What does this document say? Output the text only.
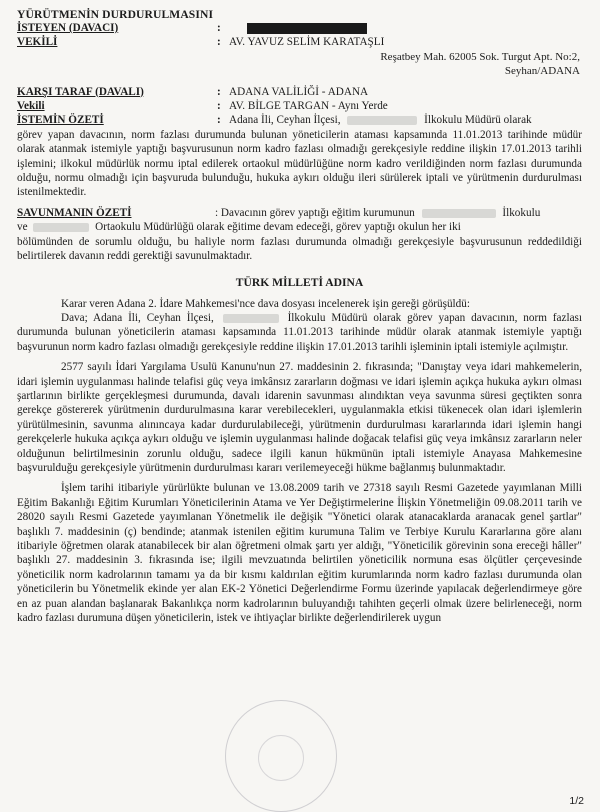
YÜRÜTMENİN DURDURULMASINI
İSTEYEN (DAVACI)	:
VEKİLİ	: AV. YAVUZ SELİM KARATAŞLI
Reşatbey Mah. 62005 Sok. Turgut Apt. No:2,
Seyhan/ADANA
KARŞI TARAF (DAVALI)	: ADANA VALİLİĞİ - ADANA
Vekili	: AV. BİLGE TARGAN - Aynı Yerde
İSTEMİN ÖZETİ	: Adana İli, Ceyhan İlçesi,	İlkokulu Müdürü olarak

görev yapan davacının, norm fazlası durumunda bulunan yöneticilerin ataması kapsamında 11.01.2013 tarihinde müdür olarak atanmak istemiyle yaptığı başvurusunun norm kadro fazlası olmadığı gerekçesiyle reddine ilişkin 17.01.2013 tarihli işlemini; ilkokul müdürlük normu iptal edilerek ortaokul müdürlüğüne norm kadro verildiğinden norm fazlası durumunda olduğu, normu olmadığı için başvuruda bulunduğu, hukuka aykırı olduğu ileri sürülerek iptali ve yürütmenin durdurulması istenilmektedir.

SAVUNMANIN ÖZETİ	: Davacının görev yaptığı eğitim kurumunun	İlkokulu

ve	Ortaokulu Müdürlüğü olarak eğitime devam edeceği, görev yaptığı okulun her iki

bölümünden de sorumlu olduğu, bu haliyle norm fazlası durumunda olmadığı gerekçesiyle başvurusunun reddedildiği belirtilerek davanın reddi gerektiği savunulmaktadır.

TÜRK MİLLETİ ADINA

Karar veren Adana 2. İdare Mahkemesi'nce dava dosyası incelenerek işin gereği görüşüldü:

Dava; Adana İli, Ceyhan İlçesi,	İlkokulu Müdürü olarak görev yapan davacının, norm fazlası durumunda bulunan yöneticilerin ataması kapsamında 11.01.2013 tarihinde müdür olarak atanmak istemiyle yaptığı başvurunun norm kadro fazlası olmadığı gerekçesiyle reddine ilişkin 17.01.2013 tarihli işleminin iptali istemiyle açılmıştır.

2577 sayılı İdari Yargılama Usulü Kanunu'nun 27. maddesinin 2. fıkrasında; "Danıştay veya idari mahkemelerin, idari işlemin uygulanması halinde telafisi güç veya imkânsız zararların doğması ve idari işlemin açıkça hukuka aykırı olması şartlarının birlikte gerçekleşmesi durumunda, davalı idarenin savunması alındıktan veya savunma süresi geçtikten sonra gerekçe göstererek yürütmenin durdurulmasına karar verebilecekleri, uygulanmakla etkisi tükenecek olan idari işlemlerin yürütülmesinin, savunma alınıncaya kadar durdurulabileceği, yürütmenin durdurulması kararlarında idari işlemin hangi gerekçelerle hukuka açıkça aykırı olduğu ve işlemin uygulanması halinde doğacak telafisi güç veya imkânsız zararların neler olduğunun belirtilmesinin zorunlu olduğu, sadece ilgili kanun hükmünün iptali istemiyle Anayasa Mahkemesine başvurulduğu gerekçesiyle yürütmenin durdurulması kararı verilemeyeceği hükme bağlanmış bulunmaktadır.

İşlem tarihi itibariyle yürürlükte bulunan ve 13.08.2009 tarih ve 27318 sayılı Resmi Gazetede yayımlanan Milli Eğitim Bakanlığı Eğitim Kurumları Yöneticilerinin Atama ve Yer Değiştirmelerine İlişkin Yönetmeliğin 09.08.2011 tarih ve 28020 sayılı Resmi Gazetede yayımlanan Yönetmelik ile değişik "Yönetici olarak atanacaklarda aranacak genel şartlar" başlıklı 7. maddesinin (ç) bendinde; atanmak istenilen eğitim kurumuna Talim ve Terbiye Kurulu Kararlarına göre alanı itibariyle öğretmen olarak atanabilecek bir alan öğretmeni olmak şartı yer aldığı, "Yöneticilik görevinin sona ereceği hâller" başlıklı 27. maddesinin 3. fıkrasında ise; ilgili mevzuatında belirtilen yöneticilik normuna esas ölçütler çerçevesinde yöneticilik norm kadrolarının tamamı ya da bir kısmı kaldırılan eğitim kurumlarında norm kadro fazlası durumunda olan yöneticilerin bu Yönetmelik ekinde yer alan EK-2 Yönetici Değerlendirme Formu üzerinde yapılacak değerlendirmeye göre en az puan alandan başlanarak Bakanlıkça norm kadrolarının buluyandığı tahihten geçerli olmak üzere belirleneceği, norm kadro fazlası durumuna düşen yöneticilerin, istek ve ihtiyaçlar birlikte değerlendirilerek uygun

1/2
